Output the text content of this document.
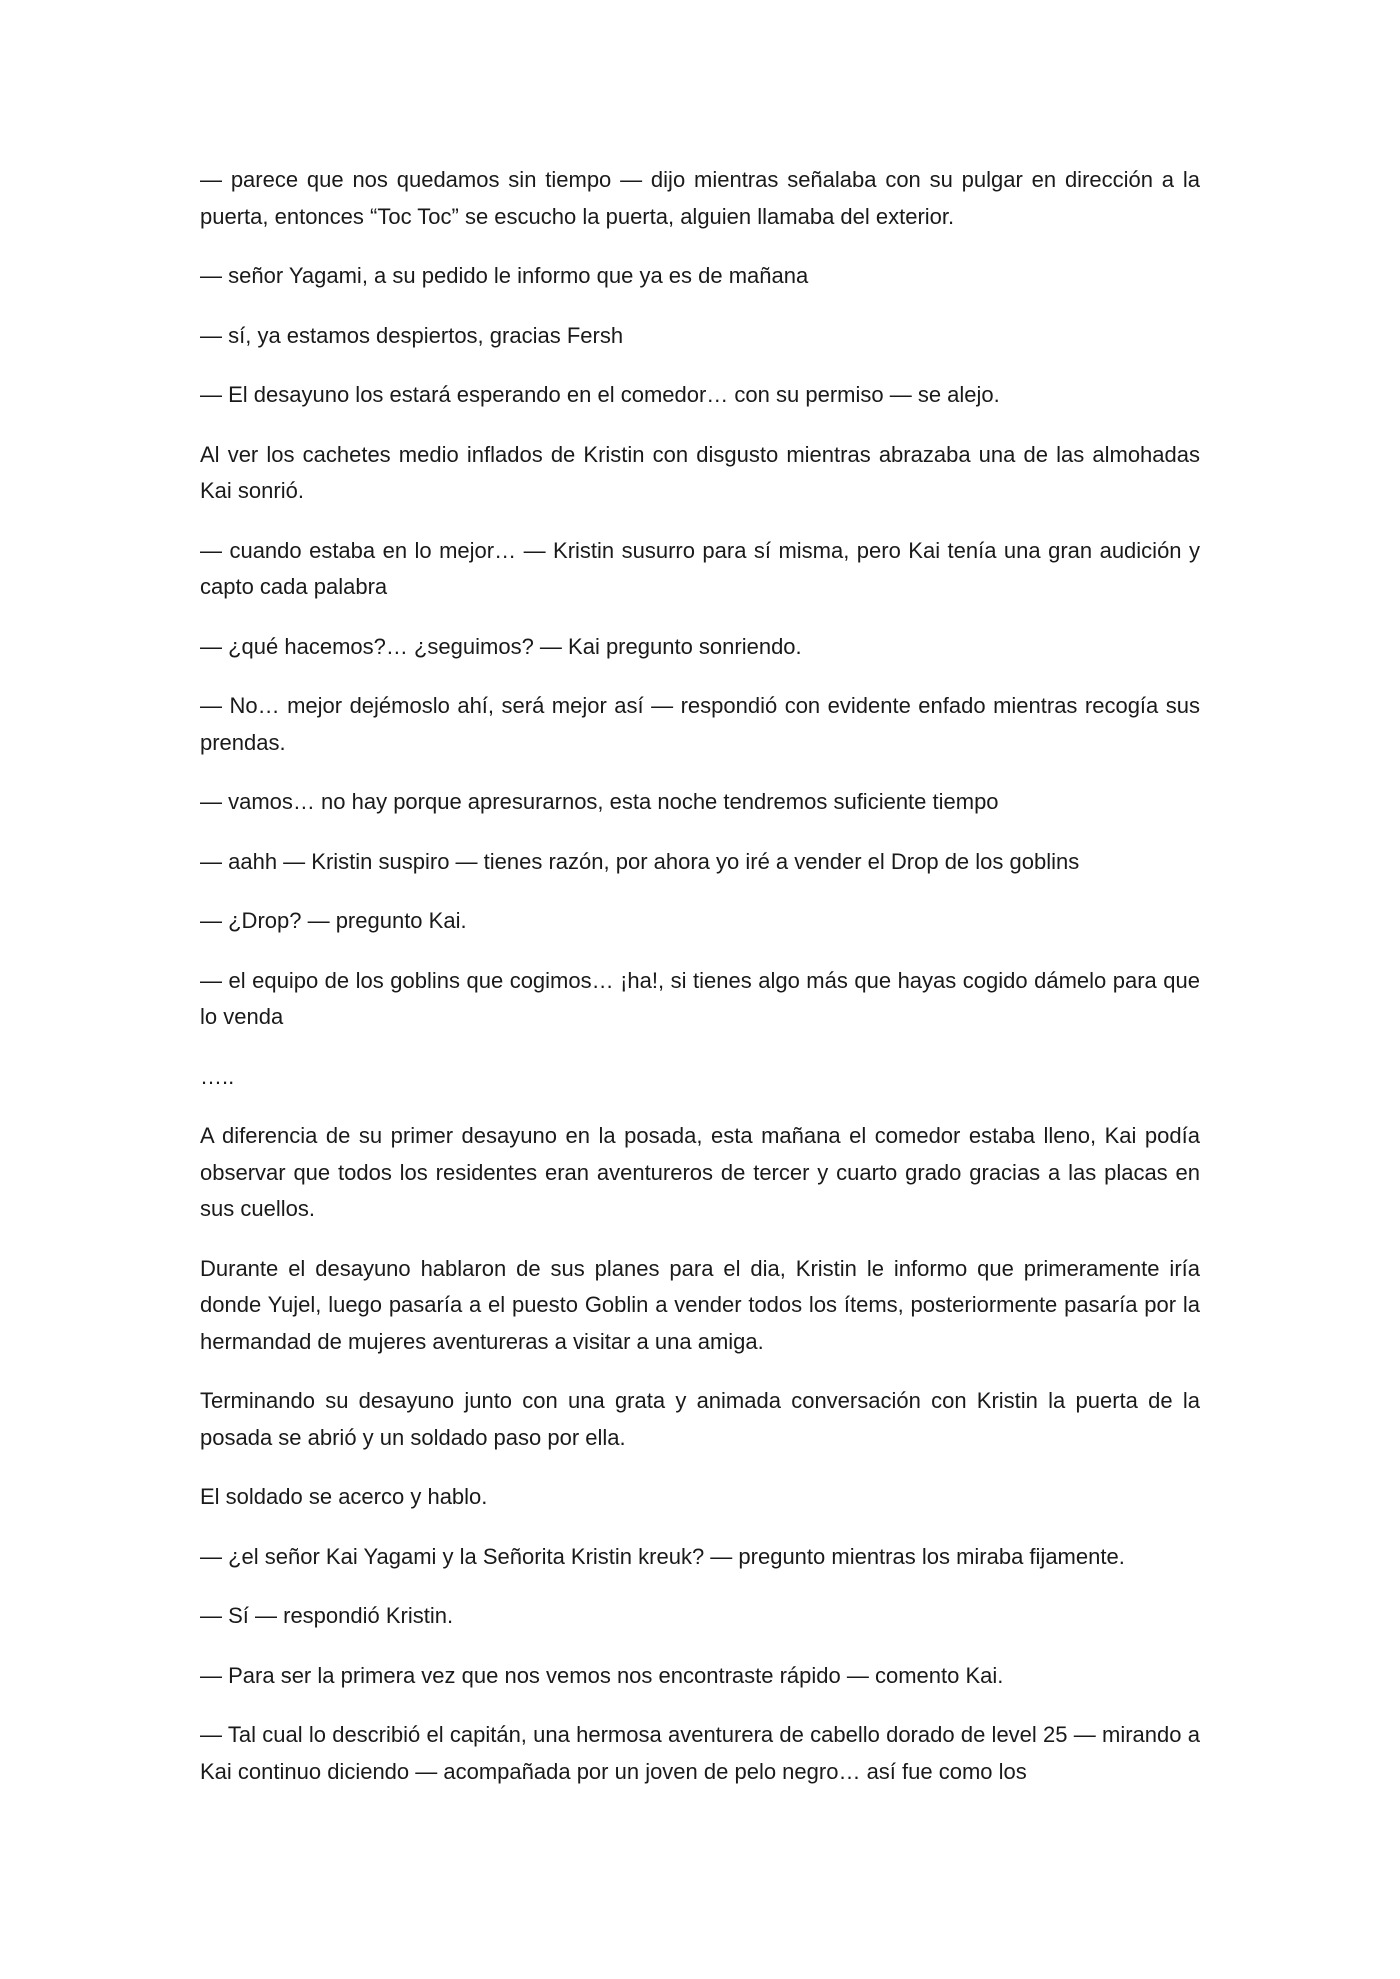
— parece que nos quedamos sin tiempo — dijo mientras señalaba con su pulgar en dirección a la puerta, entonces “Toc Toc” se escucho la puerta, alguien llamaba del exterior.

— señor Yagami, a su pedido le informo que ya es de mañana

— sí, ya estamos despiertos, gracias Fersh

— El desayuno los estará esperando en el comedor… con su permiso — se alejo.

Al ver los cachetes medio inflados de Kristin con disgusto mientras abrazaba una de las almohadas Kai sonrió.

— cuando estaba en lo mejor… — Kristin susurro para sí misma, pero Kai tenía una gran audición y capto cada palabra

— ¿qué hacemos?… ¿seguimos? — Kai pregunto sonriendo.

— No… mejor dejémoslo ahí, será mejor así — respondió con evidente enfado mientras recogía sus prendas.

— vamos… no hay porque apresurarnos, esta noche tendremos suficiente tiempo

— aahh — Kristin suspiro — tienes razón, por ahora yo iré a vender el Drop de los goblins

— ¿Drop? — pregunto Kai.

— el equipo de los goblins que cogimos… ¡ha!, si tienes algo más que hayas cogido dámelo para que lo venda

…..

A diferencia de su primer desayuno en la posada, esta mañana el comedor estaba lleno, Kai podía observar que todos los residentes eran aventureros de tercer y cuarto grado gracias a las placas en sus cuellos.

Durante el desayuno hablaron de sus planes para el dia, Kristin le informo que primeramente iría donde Yujel, luego pasaría a el puesto Goblin a vender todos los ítems, posteriormente pasaría por la hermandad de mujeres aventureras a visitar a una amiga.

Terminando su desayuno junto con una grata y animada conversación con Kristin la puerta de la posada se abrió y un soldado paso por ella.

El soldado se acerco y hablo.

— ¿el señor Kai Yagami y la Señorita Kristin kreuk? — pregunto mientras los miraba fijamente.

— Sí — respondió Kristin.

— Para ser la primera vez que nos vemos nos encontraste rápido — comento Kai.

— Tal cual lo describió el capitán, una hermosa aventurera de cabello dorado de level 25 — mirando a Kai continuo diciendo — acompañada por un joven de pelo negro… así fue como los
